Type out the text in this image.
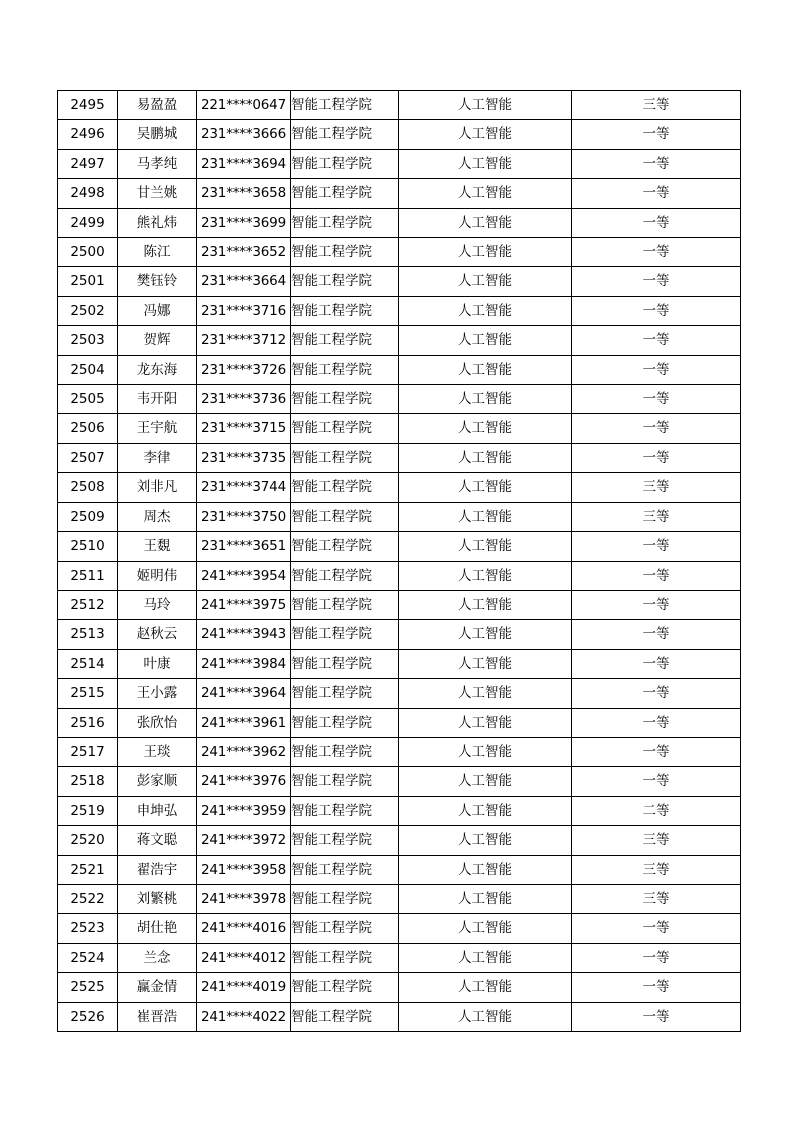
2495	易盈盈	221****0647	智能工程学院	人工智能	三等
2496	吴鹏城	231****3666	智能工程学院	人工智能	一等
2497	马孝纯	231****3694	智能工程学院	人工智能	一等
2498	甘兰姚	231****3658	智能工程学院	人工智能	一等
2499	熊礼炜	231****3699	智能工程学院	人工智能	一等
2500	陈江	231****3652	智能工程学院	人工智能	一等
2501	樊钰铃	231****3664	智能工程学院	人工智能	一等
2502	冯娜	231****3716	智能工程学院	人工智能	一等
2503	贺辉	231****3712	智能工程学院	人工智能	一等
2504	龙东海	231****3726	智能工程学院	人工智能	一等
2505	韦开阳	231****3736	智能工程学院	人工智能	一等
2506	王宇航	231****3715	智能工程学院	人工智能	一等
2507	李律	231****3735	智能工程学院	人工智能	一等
2508	刘非凡	231****3744	智能工程学院	人工智能	三等
2509	周杰	231****3750	智能工程学院	人工智能	三等
2510	王覣	231****3651	智能工程学院	人工智能	一等
2511	姬明伟	241****3954	智能工程学院	人工智能	一等
2512	马玲	241****3975	智能工程学院	人工智能	一等
2513	赵秋云	241****3943	智能工程学院	人工智能	一等
2514	叶康	241****3984	智能工程学院	人工智能	一等
2515	王小露	241****3964	智能工程学院	人工智能	一等
2516	张欣怡	241****3961	智能工程学院	人工智能	一等
2517	王琰	241****3962	智能工程学院	人工智能	一等
2518	彭家顺	241****3976	智能工程学院	人工智能	一等
2519	申坤弘	241****3959	智能工程学院	人工智能	二等
2520	蒋文聪	241****3972	智能工程学院	人工智能	三等
2521	翟浩宇	241****3958	智能工程学院	人工智能	三等
2522	刘繁桃	241****3978	智能工程学院	人工智能	三等
2523	胡仕艳	241****4016	智能工程学院	人工智能	一等
2524	兰念	241****4012	智能工程学院	人工智能	一等
2525	赢金情	241****4019	智能工程学院	人工智能	一等
2526	崔晋浩	241****4022	智能工程学院	人工智能	一等
